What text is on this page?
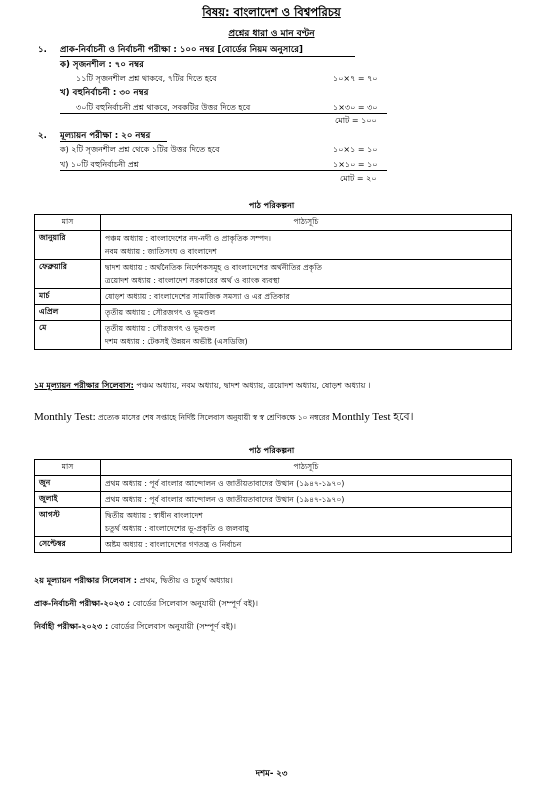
বিষয়: বাংলাদেশ ও বিশ্বপরিচয়
প্রশ্নের ধারা ও মান বণ্টন
১. প্রাক-নির্বাচনী ও নির্বাচনী পরীক্ষা : ১০০ নম্বর [বোর্ডের নিয়ম অনুসারে]
ক) সৃজনশীল : ৭০ নম্বর
১১টি সৃজনশীল প্রশ্ন থাকবে, ৭টির দিতে হবে	১০×৭ = ৭০
খ) বহুনির্বাচনী : ৩০ নম্বর
৩০টি বহুনির্বাচনী প্রশ্ন থাকবে, সবকটির উত্তর দিতে হবে	১×৩০ = ৩০
মোট = ১০০
২. মূল্যায়ন পরীক্ষা : ২০ নম্বর
ক) ২টি সৃজনশীল প্রশ্ন থেকে ১টির উত্তর দিতে হবে	১০×১ = ১০
খ) ১০টি বহুনির্বাচনী প্রশ্ন	১×১০ = ১০
মোট = ২০
পাঠ পরিকল্পনা
মাস	পাঠ্যসূচি
জানুয়ারি	পঞ্চম অধ্যায় : বাংলাদেশের নদ-নদী ও প্রাকৃতিক সম্পদ।
নবম অধ্যায় : জাতিসংঘ ও বাংলাদেশ

ফেব্রুয়ারি	দ্বাদশ অধ্যায় : অর্থনৈতিক নির্দেশকসমূহ ও বাংলাদেশের অর্থনীতির প্রকৃতি
ত্রয়োদশ অধ্যায় : বাংলাদেশ সরকারের অর্থ ও ব্যাংক ব্যবস্থা

মার্চ	ষোড়শ অধ্যায় : বাংলাদেশের সামাজিক সমস্যা ও এর প্রতিকার

এপ্রিল	তৃতীয় অধ্যায় : সৌরজগৎ ও ভূমণ্ডল

মে	তৃতীয় অধ্যায় : সৌরজগৎ ও ভূমণ্ডল
দশম অধ্যায় : টেকসই উন্নয়ন অভীষ্ট (এসডিজি)
১ম মূল্যায়ন পরীক্ষার সিলেবাস: পঞ্চম অধ্যায়, নবম অধ্যায়, দ্বাদশ অধ্যায়, ত্রয়োদশ অধ্যায়, ষোড়শ অধ্যায় ।
Monthly Test: প্রত্যেক মাসের শেষ সপ্তাহে নির্দিষ্ট সিলেবাস অনুযায়ী স্ব স্ব শ্রেণিকক্ষে ১০ নম্বরের Monthly Test হবে।
পাঠ পরিকল্পনা
মাস	পাঠ্যসূচি
জুন	প্রথম অধ্যায় : পূর্ব বাংলার আন্দোলন ও জাতীয়তাবাদের উত্থান (১৯৪৭-১৯৭০)

জুলাই	প্রথম অধ্যায় : পূর্ব বাংলার আন্দোলন ও জাতীয়তাবাদের উত্থান (১৯৪৭-১৯৭০)

আগস্ট	দ্বিতীয় অধ্যায় : স্বাধীন বাংলাদেশ
চতুর্থ অধ্যায় : বাংলাদেশের ভূ-প্রকৃতি ও জলবায়ু

সেপ্টেম্বর	অষ্টম অধ্যায় : বাংলাদেশের গণতন্ত্র ও নির্বাচন
২য় মূল্যায়ন পরীক্ষার সিলেবাস : প্রথম, দ্বিতীয় ও চতুর্থ অধ্যায়।
প্রাক-নির্বাচনী পরীক্ষা-২০২৩ : বোর্ডের সিলেবাস অনুযায়ী (সম্পূর্ণ বই)।
নির্বাহী পরীক্ষা-২০২৩ : বোর্ডের সিলেবাস অনুযায়ী (সম্পূর্ণ বই)।
দশম- ২৩
